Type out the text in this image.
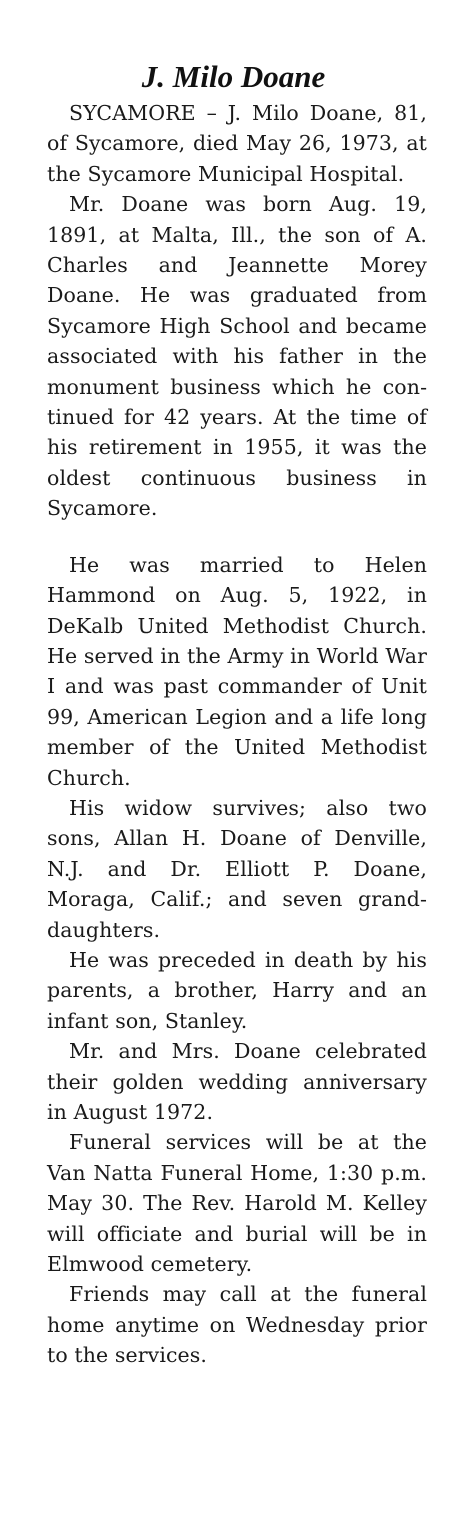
J. Milo Doane

SYCAMORE – J. Milo Doane, 81, of Sycamore, died May 26, 1973, at the Sycamore Municipal Hospital.

Mr. Doane was born Aug. 19, 1891, at Malta, Ill., the son of A. Charles and Jeannette Morey Doane. He was graduated from Sycamore High School and became associated with his father in the monument business which he continued for 42 years. At the time of his retirement in 1955, it was the oldest continuous business in Sycamore.

He was married to Helen Hammond on Aug. 5, 1922, in DeKalb United Methodist Church. He served in the Army in World War I and was past commander of Unit 99, American Legion and a life long member of the United Methodist Church.

His widow survives; also two sons, Allan H. Doane of Denville, N.J. and Dr. Elliott P. Doane, Moraga, Calif.; and seven grand-daughters.

He was preceded in death by his parents, a brother, Harry and an infant son, Stanley.

Mr. and Mrs. Doane celebrated their golden wedding anniversary in August 1972.

Funeral services will be at the Van Natta Funeral Home, 1:30 p.m. May 30. The Rev. Harold M. Kelley will officiate and burial will be in Elmwood cemetery.

Friends may call at the funeral home anytime on Wednesday prior to the services.
